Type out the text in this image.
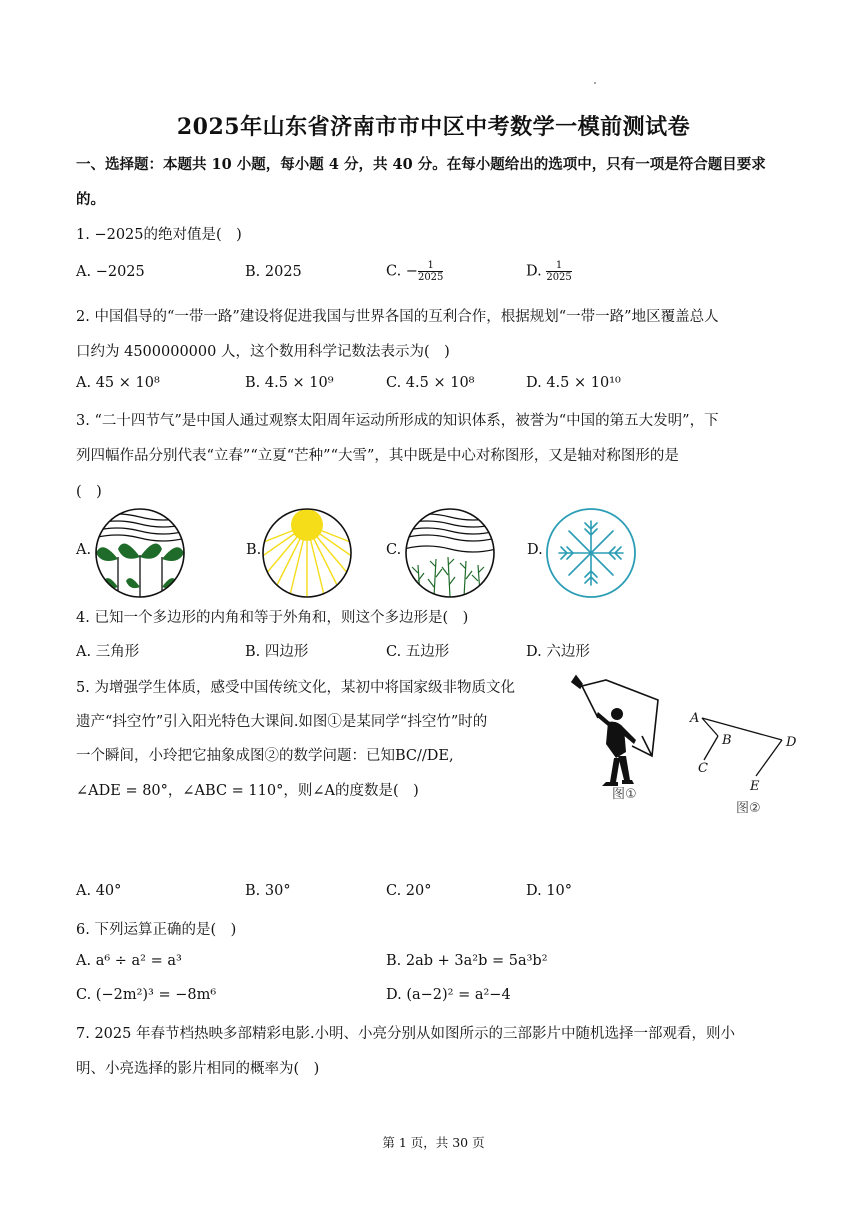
2025年山东省济南市市中区中考数学一模前测试卷
一、选择题：本题共 10 小题，每小题 4 分，共 40 分。在每小题给出的选项中，只有一项是符合题目要求
的。
1. −2025的绝对值是(　)
A. −2025	B. 2025	C. − $\frac{1}{2025}$	D. $\frac{1}{2025}$
2. 中国倡导的“一带一路”建设将促进我国与世界各国的互利合作，根据规划“一带一路”地区覆盖总人
口约为 4500000000 人，这个数用科学记数法表示为(　)
A. 45 × 10⁸	B. 4.5 × 10⁹	C. 4.5 × 10⁸	D. 4.5 × 10¹⁰
3. “二十四节气”是中国人通过观察太阳周年运动所形成的知识体系，被誉为“中国的第五大发明”，下
列四幅作品分别代表“立春”“立夏“芒种”“大雪”，其中既是中心对称图形，又是轴对称图形的是
(　)
A.	B.	C.	D.
4. 已知一个多边形的内角和等于外角和，则这个多边形是(　)
A. 三角形	B. 四边形	C. 五边形	D. 六边形
5. 为增强学生体质，感受中国传统文化，某初中将国家级非物质文化
遗产“抖空竹”引入阳光特色大课间.如图①是某同学“抖空竹”时的
一个瞬间，小玲把它抽象成图②的数学问题：已知BC//DE,
∠ADE = 80°，∠ABC = 110°，则∠A的度数是(　)	图①
A
B
C
D
E
图②
A. 40°	B. 30°	C. 20°	D. 10°
6. 下列运算正确的是(　)
A. a⁶ ÷ a² = a³	B. 2ab + 3a²b = 5a³b²
C. (−2m²)³ = −8m⁶	D. (a−2)² = a²−4
7. 2025 年春节档热映多部精彩电影.小明、小亮分别从如图所示的三部影片中随机选择一部观看，则小
明、小亮选择的影片相同的概率为(　)
第 1 页，共 30 页
